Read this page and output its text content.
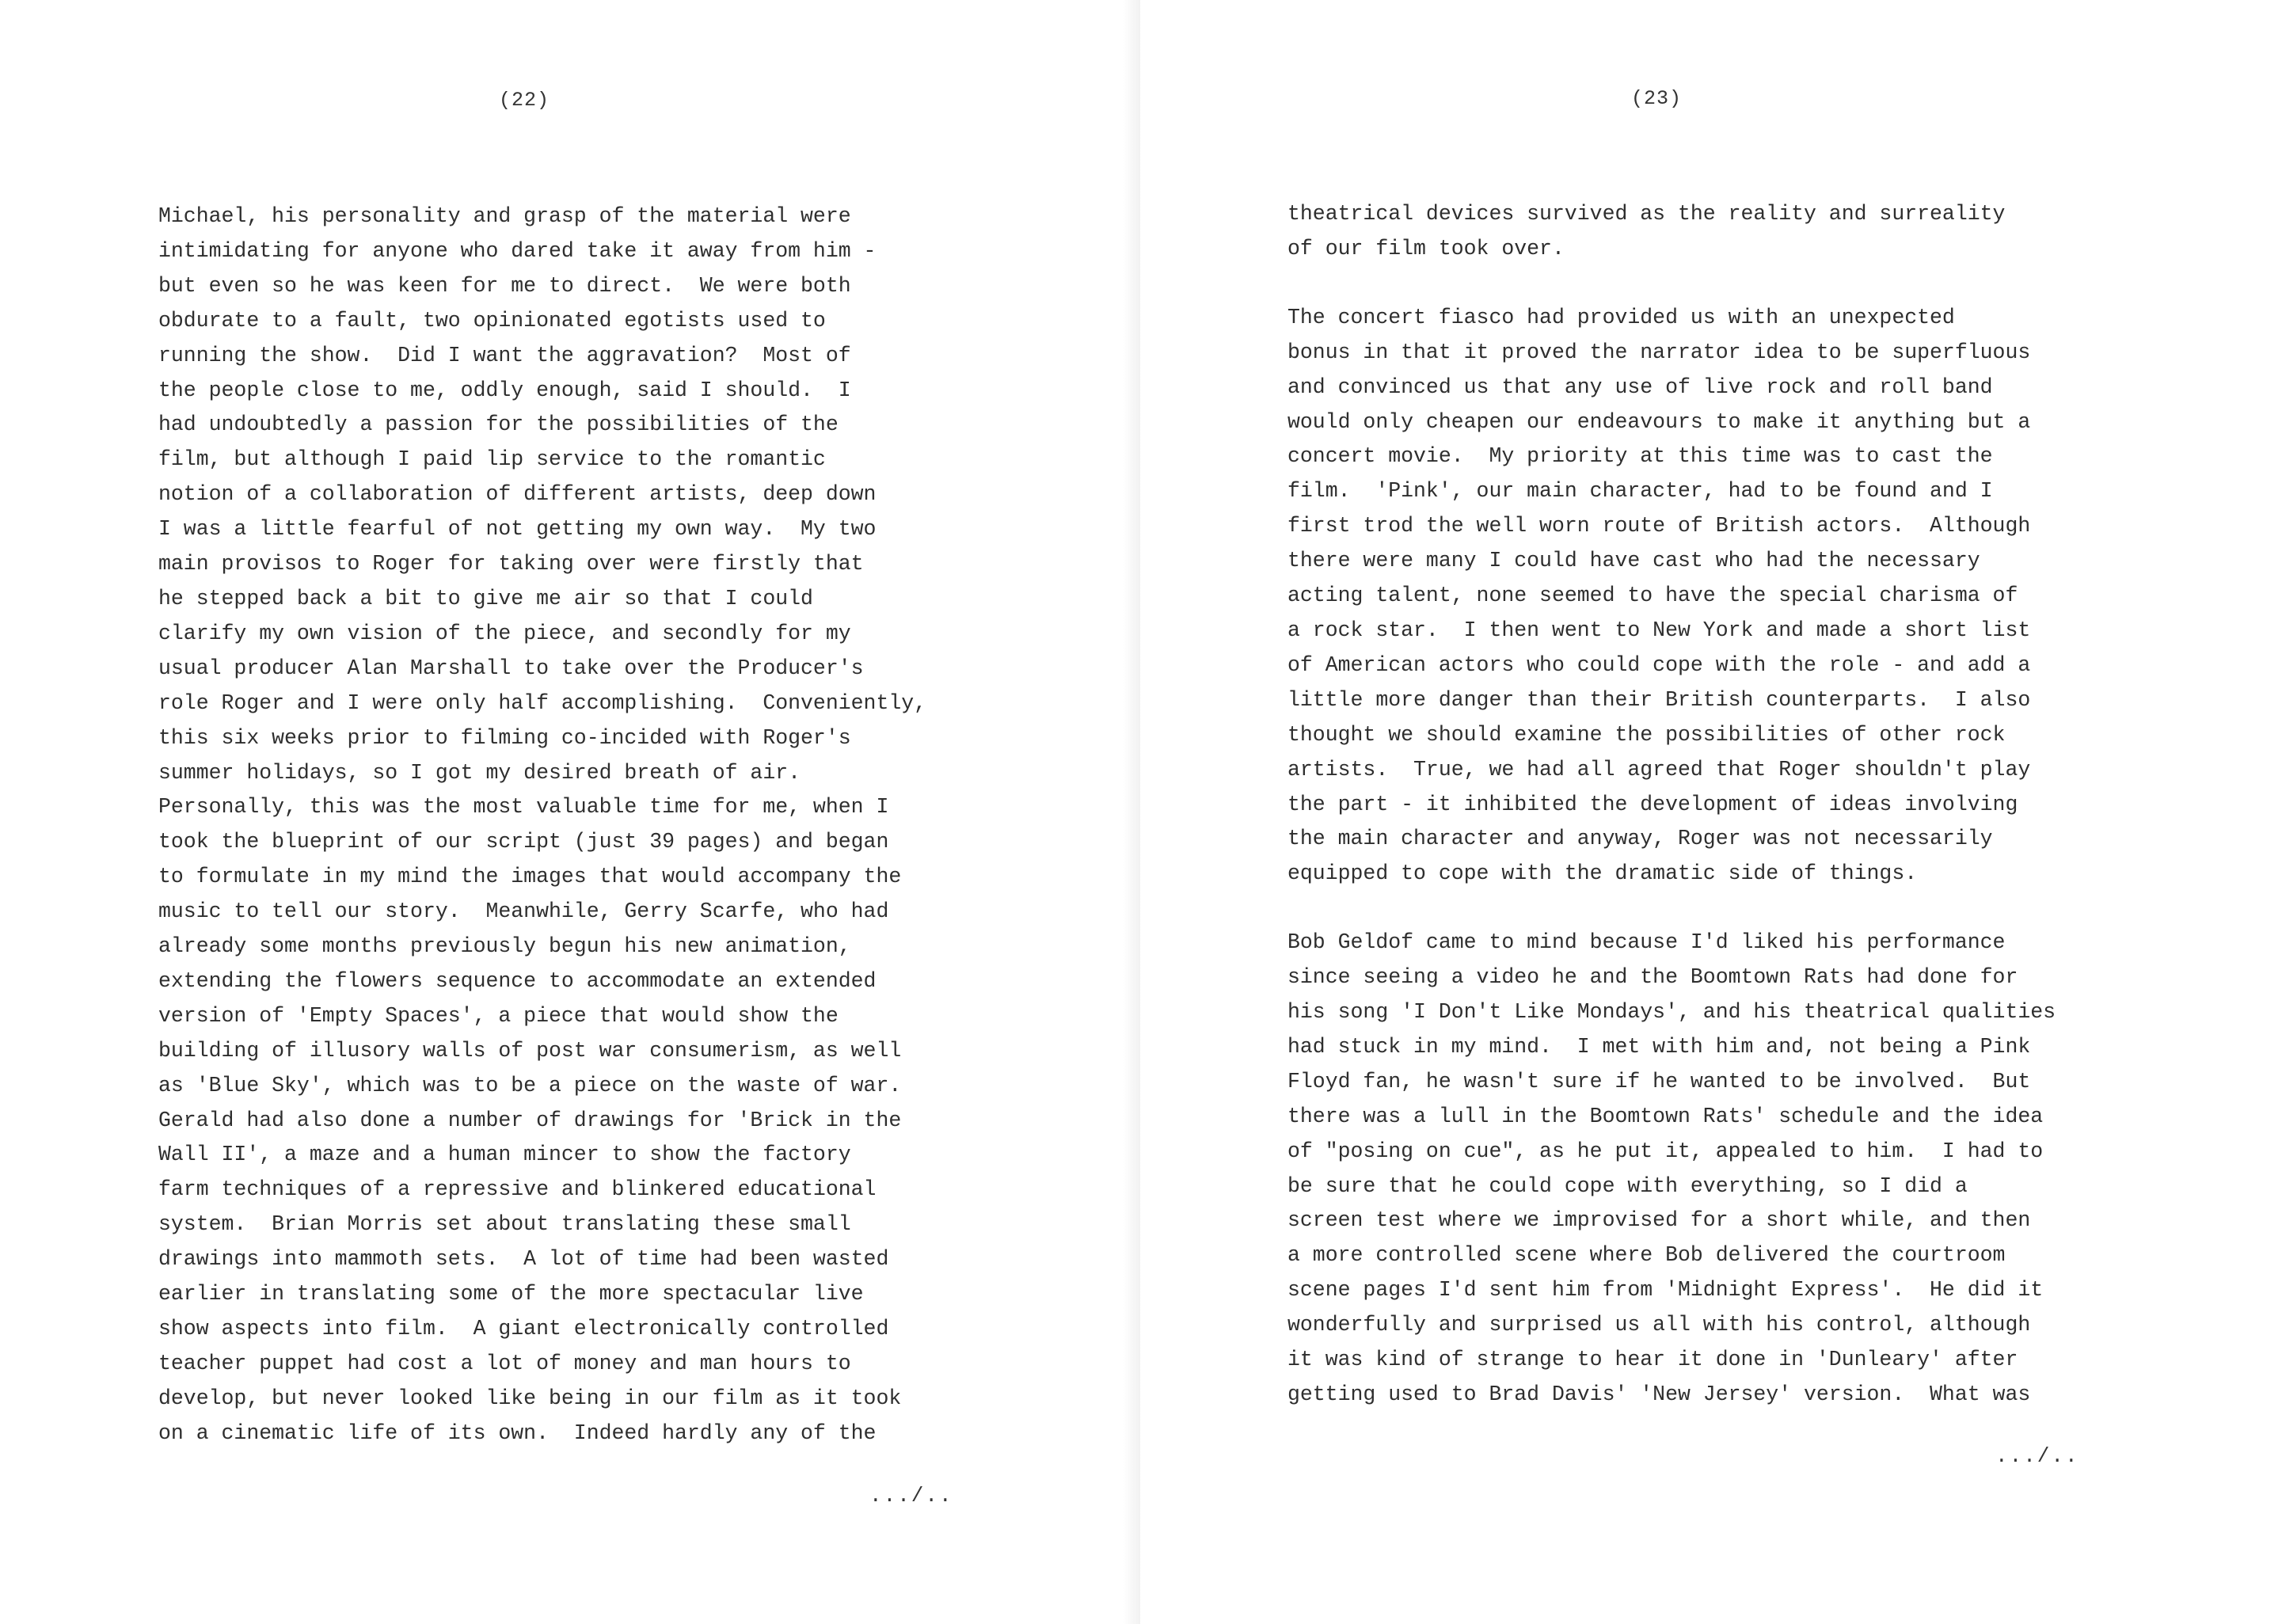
(22)
Michael, his personality and grasp of the material were
intimidating for anyone who dared take it away from him -
but even so he was keen for me to direct.  We were both
obdurate to a fault, two opinionated egotists used to
running the show.  Did I want the aggravation?  Most of
the people close to me, oddly enough, said I should.  I
had undoubtedly a passion for the possibilities of the
film, but although I paid lip service to the romantic
notion of a collaboration of different artists, deep down
I was a little fearful of not getting my own way.  My two
main provisos to Roger for taking over were firstly that
he stepped back a bit to give me air so that I could
clarify my own vision of the piece, and secondly for my
usual producer Alan Marshall to take over the Producer's
role Roger and I were only half accomplishing.  Conveniently,
this six weeks prior to filming co-incided with Roger's
summer holidays, so I got my desired breath of air.
Personally, this was the most valuable time for me, when I
took the blueprint of our script (just 39 pages) and began
to formulate in my mind the images that would accompany the
music to tell our story.  Meanwhile, Gerry Scarfe, who had
already some months previously begun his new animation,
extending the flowers sequence to accommodate an extended
version of 'Empty Spaces', a piece that would show the
building of illusory walls of post war consumerism, as well
as 'Blue Sky', which was to be a piece on the waste of war.
Gerald had also done a number of drawings for 'Brick in the
Wall II', a maze and a human mincer to show the factory
farm techniques of a repressive and blinkered educational
system.  Brian Morris set about translating these small
drawings into mammoth sets.  A lot of time had been wasted
earlier in translating some of the more spectacular live
show aspects into film.  A giant electronically controlled
teacher puppet had cost a lot of money and man hours to
develop, but never looked like being in our film as it took
on a cinematic life of its own.  Indeed hardly any of the
.../..
(23)
theatrical devices survived as the reality and surreality
of our film took over.
The concert fiasco had provided us with an unexpected
bonus in that it proved the narrator idea to be superfluous
and convinced us that any use of live rock and roll band
would only cheapen our endeavours to make it anything but a
concert movie.  My priority at this time was to cast the
film.  'Pink', our main character, had to be found and I
first trod the well worn route of British actors.  Although
there were many I could have cast who had the necessary
acting talent, none seemed to have the special charisma of
a rock star.  I then went to New York and made a short list
of American actors who could cope with the role - and add a
little more danger than their British counterparts.  I also
thought we should examine the possibilities of other rock
artists.  True, we had all agreed that Roger shouldn't play
the part - it inhibited the development of ideas involving
the main character and anyway, Roger was not necessarily
equipped to cope with the dramatic side of things.
Bob Geldof came to mind because I'd liked his performance
since seeing a video he and the Boomtown Rats had done for
his song 'I Don't Like Mondays', and his theatrical qualities
had stuck in my mind.  I met with him and, not being a Pink
Floyd fan, he wasn't sure if he wanted to be involved.  But
there was a lull in the Boomtown Rats' schedule and the idea
of "posing on cue", as he put it, appealed to him.  I had to
be sure that he could cope with everything, so I did a
screen test where we improvised for a short while, and then
a more controlled scene where Bob delivered the courtroom
scene pages I'd sent him from 'Midnight Express'.  He did it
wonderfully and surprised us all with his control, although
it was kind of strange to hear it done in 'Dunleary' after
getting used to Brad Davis' 'New Jersey' version.  What was
.../..
